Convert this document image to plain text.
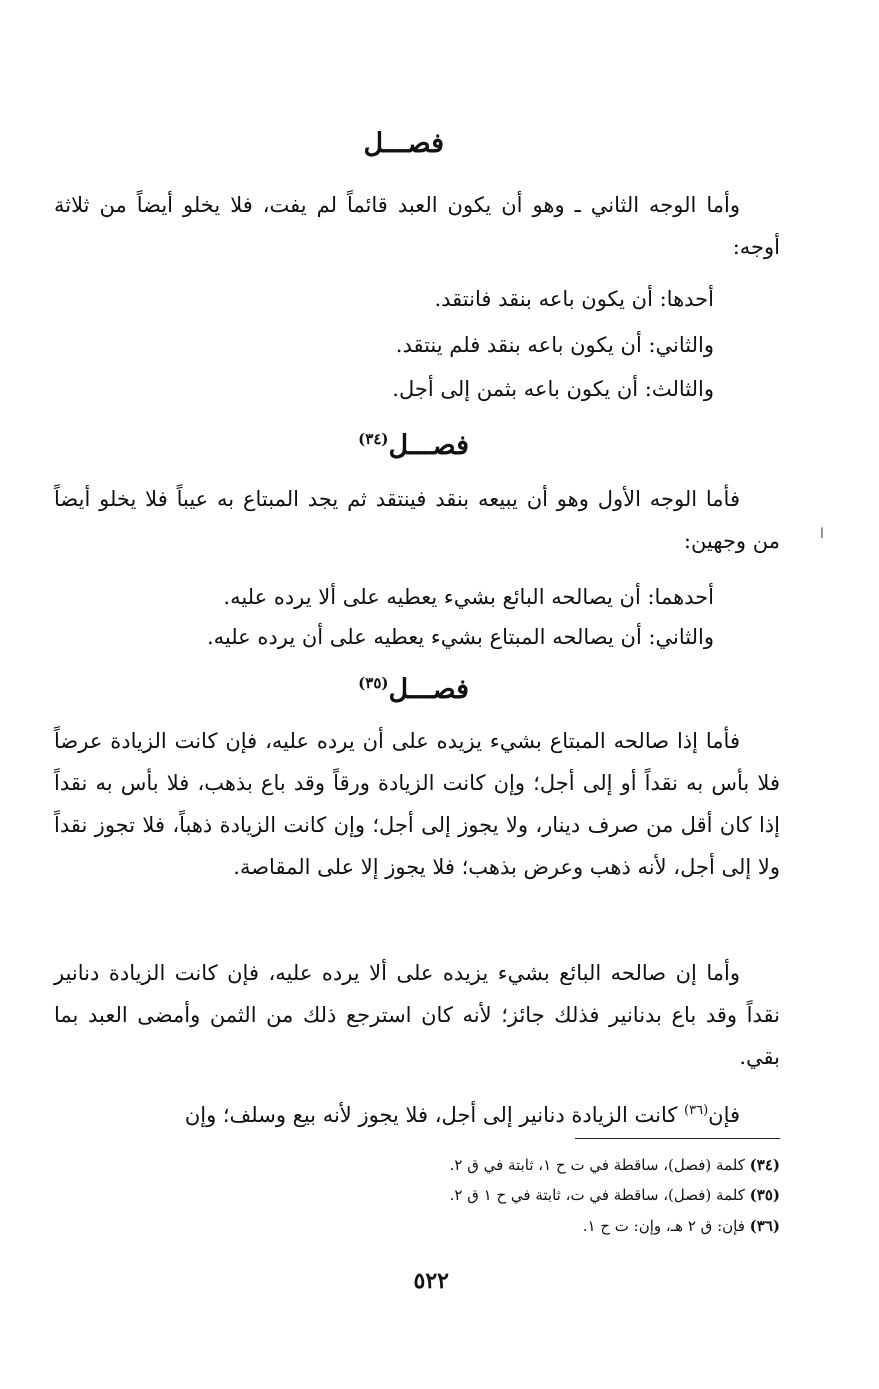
فصـــل
وأما الوجه الثاني ـ وهو أن يكون العبد قائماً لم يفت، فلا يخلو أيضاً من ثلاثة أوجه:
أحدها: أن يكون باعه بنقد فانتقد.
والثاني: أن يكون باعه بنقد فلم ينتقد.
والثالث: أن يكون باعه بثمن إلى أجل.
فصـــل$^{(٣٤)}$
ا
فأما الوجه الأول وهو أن يبيعه بنقد فينتقد ثم يجد المبتاع به عيباً فلا يخلو أيضاً من وجهين:
أحدهما: أن يصالحه البائع بشيء يعطيه على ألا يرده عليه.
والثاني: أن يصالحه المبتاع بشيء يعطيه على أن يرده عليه.
فصـــل$^{(٣٥)}$
فأما إذا صالحه المبتاع بشيء يزيده على أن يرده عليه، فإن كانت الزيادة عرضاً فلا بأس به نقداً أو إلى أجل؛ وإن كانت الزيادة ورقاً وقد باع بذهب، فلا بأس به نقداً إذا كان أقل من صرف دينار، ولا يجوز إلى أجل؛ وإن كانت الزيادة ذهباً، فلا تجوز نقداً ولا إلى أجل، لأنه ذهب وعرض بذهب؛ فلا يجوز إلا على المقاصة.
وأما إن صالحه البائع بشيء يزيده على ألا يرده عليه، فإن كانت الزيادة دنانير نقداً وقد باع بدنانير فذلك جائز؛ لأنه كان استرجع ذلك من الثمن وأمضى العبد بما بقي.
فإن$^{(٣٦)}$ كانت الزيادة دنانير إلى أجل، فلا يجوز لأنه بيع وسلف؛ وإن
(٣٤) كلمة (فصل)، ساقطة في ت ح ١، ثابتة في ق ٢.
(٣٥) كلمة (فصل)، ساقطة في ت، ثابتة في ح ١ ق ٢.
(٣٦) فإن: ق ٢ هـ، وإن: ت ح ١.
٥٢٢
